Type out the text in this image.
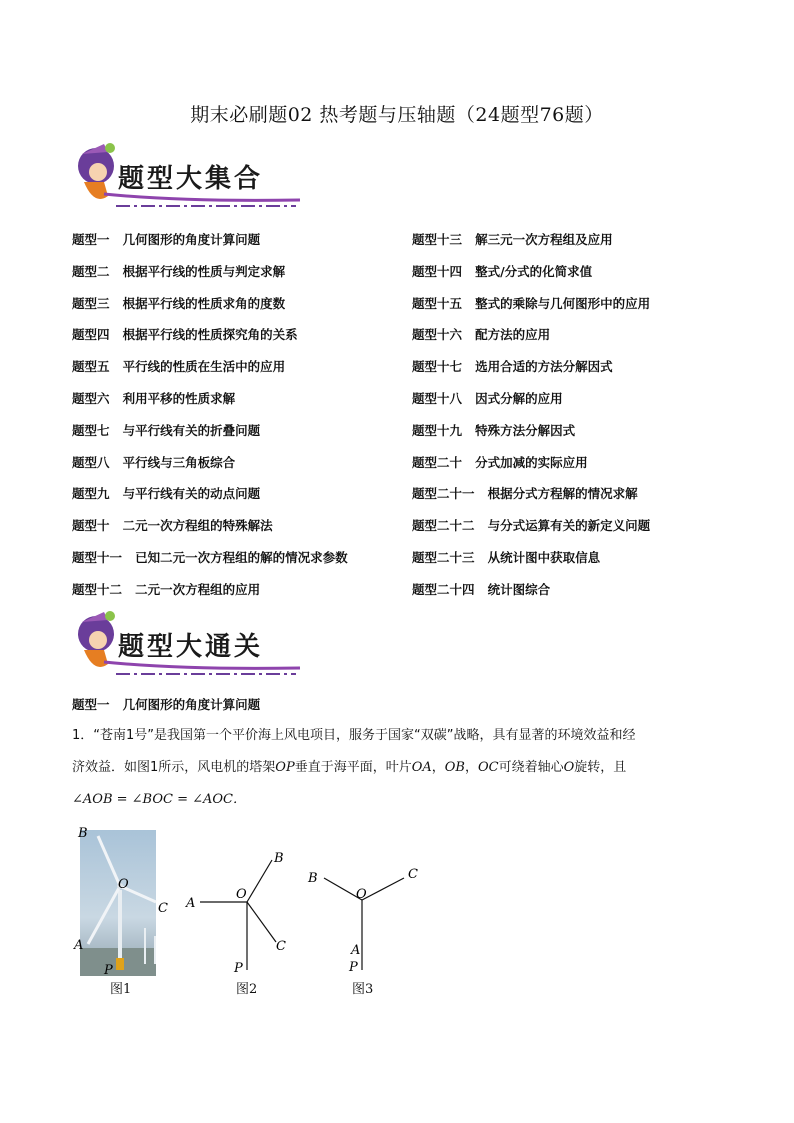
期末必刷题02 热考题与压轴题（24题型76题）
题型大集合
题型一 几何图形的角度计算问题
题型二 根据平行线的性质与判定求解
题型三 根据平行线的性质求角的度数
题型四 根据平行线的性质探究角的关系
题型五 平行线的性质在生活中的应用
题型六 利用平移的性质求解
题型七 与平行线有关的折叠问题
题型八 平行线与三角板综合
题型九 与平行线有关的动点问题
题型十 二元一次方程组的特殊解法
题型十一 已知二元一次方程组的解的情况求参数
题型十二 二元一次方程组的应用
题型十三 解三元一次方程组及应用
题型十四 整式/分式的化简求值
题型十五 整式的乘除与几何图形中的应用
题型十六 配方法的应用
题型十七 选用合适的方法分解因式
题型十八 因式分解的应用
题型十九 特殊方法分解因式
题型二十 分式加减的实际应用
题型二十一 根据分式方程解的情况求解
题型二十二 与分式运算有关的新定义问题
题型二十三 从统计图中获取信息
题型二十四 统计图综合
题型大通关
题型一 几何图形的角度计算问题
1．“苍南1号”是我国第一个平价海上风电项目，服务于国家“双碳”战略，具有显著的环境效益和经
济效益．如图1所示，风电机的塔架OP垂直于海平面，叶片OA，OB，OC可绕着轴心O旋转，且
∠AOB = ∠BOC = ∠AOC．
B
O
C
A
P
图1
A
O
B
C
P
图2
B
O
C
A
P
图3
